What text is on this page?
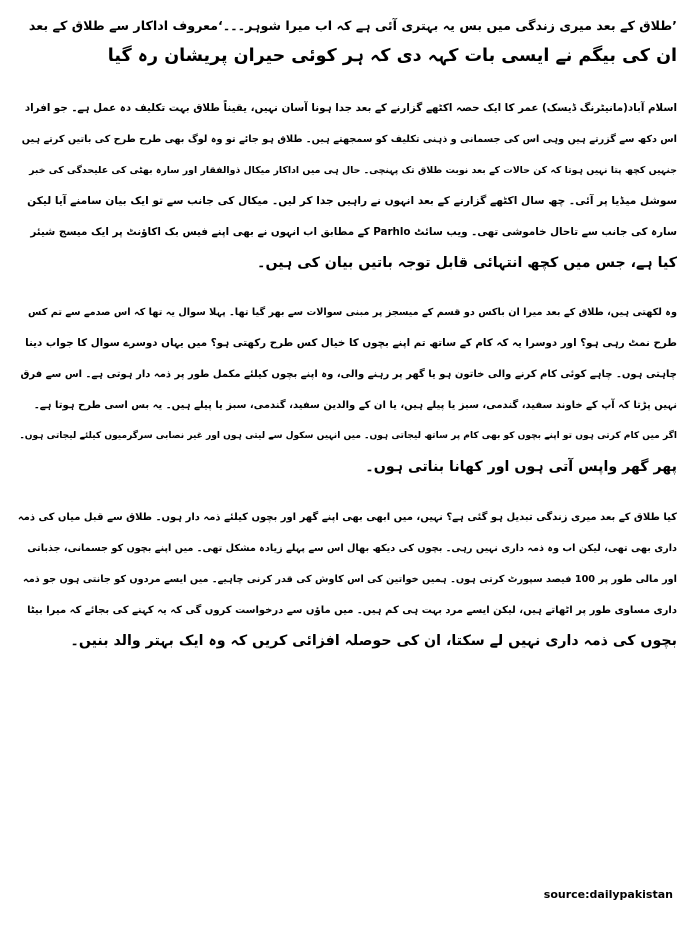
’طلاق کے بعد میری زندگی میں بس یہ بہتری آئی ہے کہ اب میرا شوہر۔۔۔‘معروف اداکار سے طلاق کے بعد
ان کی بیگم نے ایسی بات کہہ دی کہ ہر کوئی حیران پریشان رہ گیا

اسلام آباد(مانیٹرنگ ڈیسک) عمر کا ایک حصہ اکٹھے گزارنے کے بعد جدا ہونا آسان نہیں، یقیناً طلاق بہت تکلیف دہ عمل ہے۔ جو افراد
اس دکھ سے گزرتے ہیں وہی اس کی جسمانی و ذہنی تکلیف کو سمجھتے ہیں۔ طلاق ہو جائے تو وہ لوگ بھی طرح طرح کی باتیں کرتے ہیں
جنہیں کچھ پتا نہیں ہوتا کہ کن حالات کے بعد نوبت طلاق تک پہنچی۔ حال ہی میں اداکار میکال ذوالفقار اور سارہ بھٹی کی علیحدگی کی خبر
سوشل میڈیا پر آئی۔ چھ سال اکٹھے گزارنے کے بعد انہوں نے راہیں جدا کر لیں۔ میکال کی جانب سے تو ایک بیان سامنے آیا لیکن
سارہ کی جانب سے تاحال خاموشی تھی۔ ویب سائٹ Parhlo کے مطابق اب انہوں نے بھی اپنے فیس بک اکاؤنٹ پر ایک میسج شیئر
کیا ہے، جس میں کچھ انتہائی قابل توجہ باتیں بیان کی ہیں۔

وہ لکھتی ہیں، طلاق کے بعد میرا ان باکس دو قسم کے میسجز پر مبنی سوالات سے بھر گیا تھا۔ پہلا سوال یہ تھا کہ اس صدمے سے تم کس
طرح نمٹ رہی ہو؟ اور دوسرا یہ کہ کام کے ساتھ تم اپنے بچوں کا خیال کس طرح رکھتی ہو؟ میں یہاں دوسرے سوال کا جواب دینا
چاہتی ہوں۔ چاہے کوئی کام کرنے والی خاتون ہو یا گھر پر رہنے والی، وہ اپنے بچوں کیلئے مکمل طور پر ذمہ دار ہوتی ہے۔ اس سے فرق
نہیں پڑتا کہ آپ کے خاوند سفید، گندمی، سبز یا پیلے ہیں، یا ان کے والدین سفید، گندمی، سبز یا پیلے ہیں۔ یہ بس اسی طرح ہوتا ہے۔
اگر میں کام کرتی ہوں تو اپنے بچوں کو بھی کام پر ساتھ لیجاتی ہوں۔ میں انہیں سکول سے لیتی ہوں اور غیر نصابی سرگرمیوں کیلئے لیجاتی ہوں۔
پھر گھر واپس آتی ہوں اور کھانا بناتی ہوں۔

کیا طلاق کے بعد میری زندگی تبدیل ہو گئی ہے؟ نہیں، میں ابھی بھی اپنے گھر اور بچوں کیلئے ذمہ دار ہوں۔ طلاق سے قبل میاں کی ذمہ
داری بھی تھی، لیکن اب وہ ذمہ داری نہیں رہی۔ بچوں کی دیکھ بھال اس سے پہلے زیادہ مشکل تھی۔ میں اپنے بچوں کو جسمانی، جذباتی
اور مالی طور پر 100 فیصد سپورٹ کرتی ہوں۔ ہمیں خواتین کی اس کاوش کی قدر کرنی چاہیے۔ میں ایسے مردوں کو جانتی ہوں جو ذمہ
داری مساوی طور پر اٹھاتے ہیں، لیکن ایسے مرد بہت ہی کم ہیں۔ میں ماؤں سے درخواست کروں گی کہ یہ کہنے کی بجائے کہ میرا بیٹا
بچوں کی ذمہ داری نہیں لے سکتا، ان کی حوصلہ افزائی کریں کہ وہ ایک بہتر والد بنیں۔

source:dailypakistan
